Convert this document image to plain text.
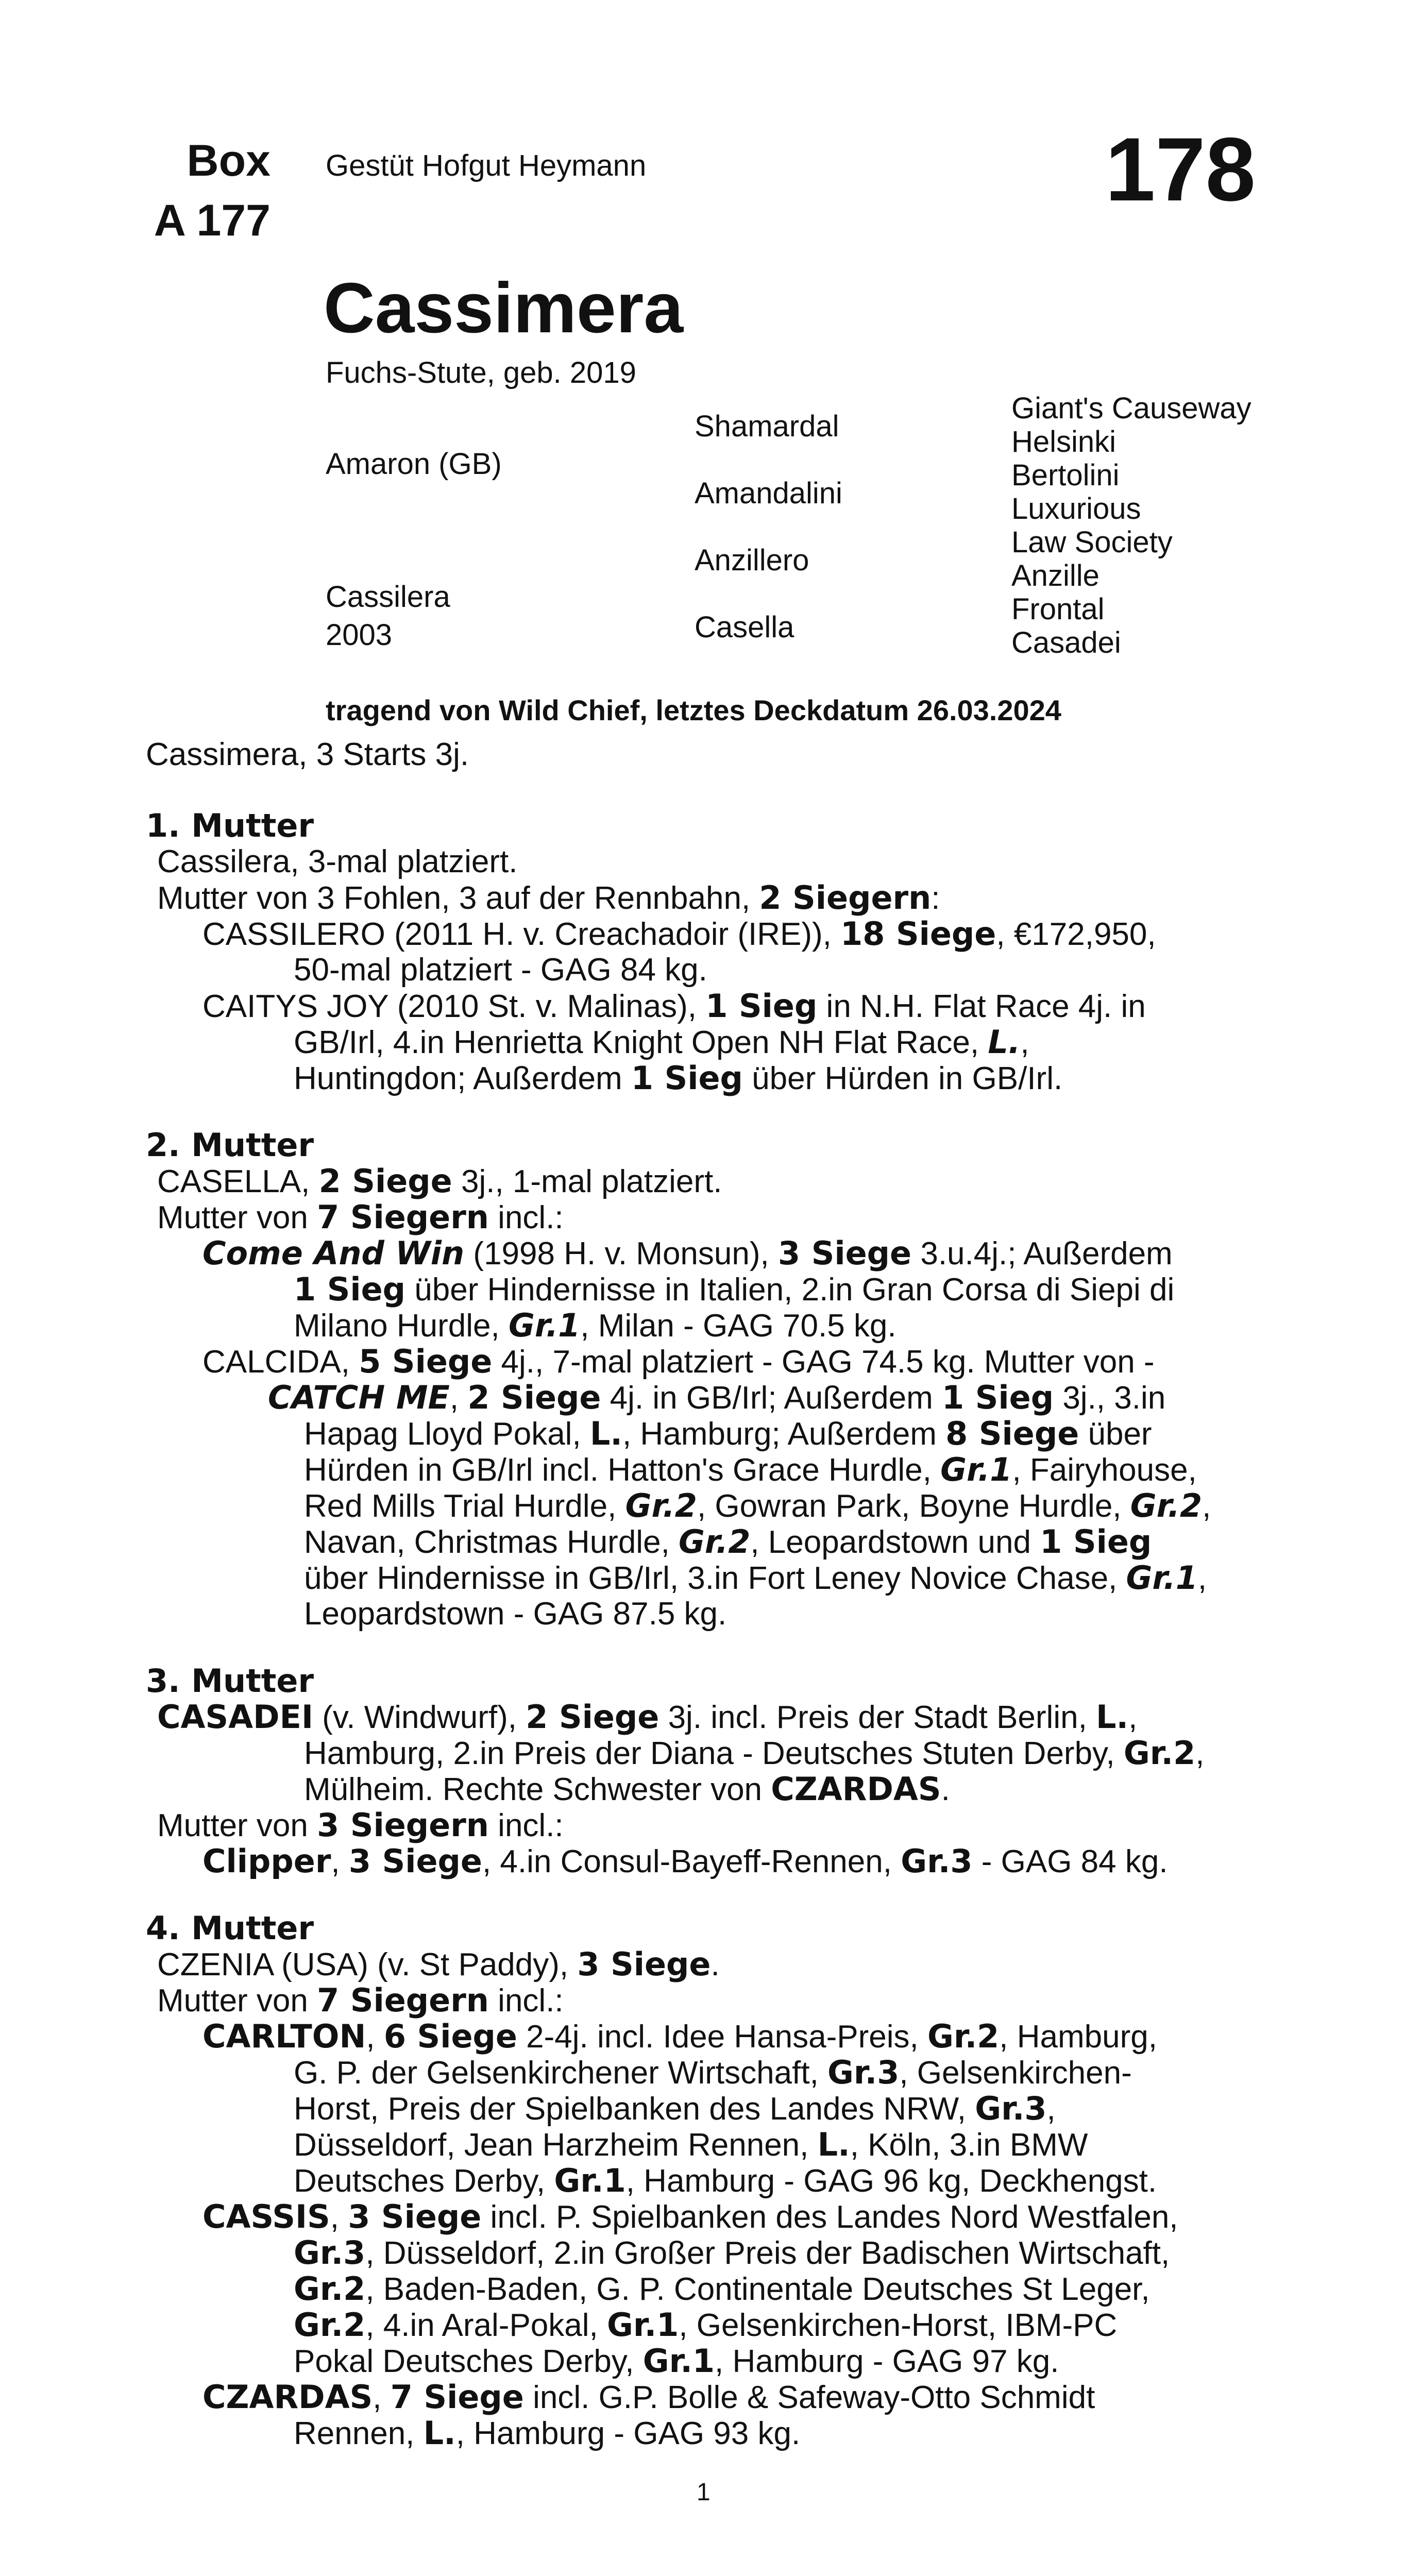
Box
A 177
Gestüt Hofgut Heymann	178
Cassimera
Fuchs-Stute, geb. 2019
Amaron (GB)
Cassilera
2003
Shamardal
Amandalini
Anzillero
Casella
Giant's Causeway
Helsinki
Bertolini
Luxurious
Law Society
Anzille
Frontal
Casadei
tragend von Wild Chief, letztes Deckdatum 26.03.2024
Cassimera, 3 Starts 3j.
1. Mutter
Cassilera, 3-mal platziert.
Mutter von 3 Fohlen, 3 auf der Rennbahn, 2 Siegern:
CASSILERO (2011 H. v. Creachadoir (IRE)), 18 Siege, €172,950,
50-mal platziert - GAG 84 kg.
CAITYS JOY (2010 St. v. Malinas), 1 Sieg in N.H. Flat Race 4j. in
GB/Irl, 4.in Henrietta Knight Open NH Flat Race, L.,
Huntingdon; Außerdem 1 Sieg über Hürden in GB/Irl.
2. Mutter
CASELLA, 2 Siege 3j., 1-mal platziert.
Mutter von 7 Siegern incl.:
Come And Win (1998 H. v. Monsun), 3 Siege 3.u.4j.; Außerdem
1 Sieg über Hindernisse in Italien, 2.in Gran Corsa di Siepi di
Milano Hurdle, Gr.1, Milan - GAG 70.5 kg.
CALCIDA, 5 Siege 4j., 7-mal platziert - GAG 74.5 kg. Mutter von -
CATCH ME, 2 Siege 4j. in GB/Irl; Außerdem 1 Sieg 3j., 3.in
Hapag Lloyd Pokal, L., Hamburg; Außerdem 8 Siege über
Hürden in GB/Irl incl. Hatton's Grace Hurdle, Gr.1, Fairyhouse,
Red Mills Trial Hurdle, Gr.2, Gowran Park, Boyne Hurdle, Gr.2,
Navan, Christmas Hurdle, Gr.2, Leopardstown und 1 Sieg
über Hindernisse in GB/Irl, 3.in Fort Leney Novice Chase, Gr.1,
Leopardstown - GAG 87.5 kg.
3. Mutter
CASADEI (v. Windwurf), 2 Siege 3j. incl. Preis der Stadt Berlin, L.,
Hamburg, 2.in Preis der Diana - Deutsches Stuten Derby, Gr.2,
Mülheim. Rechte Schwester von CZARDAS.
Mutter von 3 Siegern incl.:
Clipper, 3 Siege, 4.in Consul-Bayeff-Rennen, Gr.3 - GAG 84 kg.
4. Mutter
CZENIA (USA) (v. St Paddy), 3 Siege.
Mutter von 7 Siegern incl.:
CARLTON, 6 Siege 2-4j. incl. Idee Hansa-Preis, Gr.2, Hamburg,
G. P. der Gelsenkirchener Wirtschaft, Gr.3, Gelsenkirchen-
Horst, Preis der Spielbanken des Landes NRW, Gr.3,
Düsseldorf, Jean Harzheim Rennen, L., Köln, 3.in BMW
Deutsches Derby, Gr.1, Hamburg - GAG 96 kg, Deckhengst.
CASSIS, 3 Siege incl. P. Spielbanken des Landes Nord Westfalen,
Gr.3, Düsseldorf, 2.in Großer Preis der Badischen Wirtschaft,
Gr.2, Baden-Baden, G. P. Continentale Deutsches St Leger,
Gr.2, 4.in Aral-Pokal, Gr.1, Gelsenkirchen-Horst, IBM-PC
Pokal Deutsches Derby, Gr.1, Hamburg - GAG 97 kg.
CZARDAS, 7 Siege incl. G.P. Bolle & Safeway-Otto Schmidt
Rennen, L., Hamburg - GAG 93 kg.
1
